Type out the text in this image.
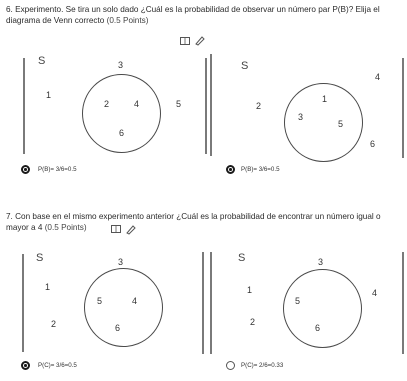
6. Experimento. Se tira un solo dado ¿Cuál es la probabilidad de observar un número par P(B)? Elija el
diagrama de Venn correcto (0.5 Points)
S	3
1
2	4
6
5
S
4
2
1
3
5
6
P(B)= 3/6=0.5	P(B)= 3/6=0.5
7. Con base en el mismo experimento anterior ¿Cuál es la probabilidad de encontrar un número igual o
mayor a 4 (0.5 Points)
S	3
1
5	4
2	6
S	3
1	4
5
2
6
P(C)= 3/6=0.5	P(C)= 2/6=0.33
